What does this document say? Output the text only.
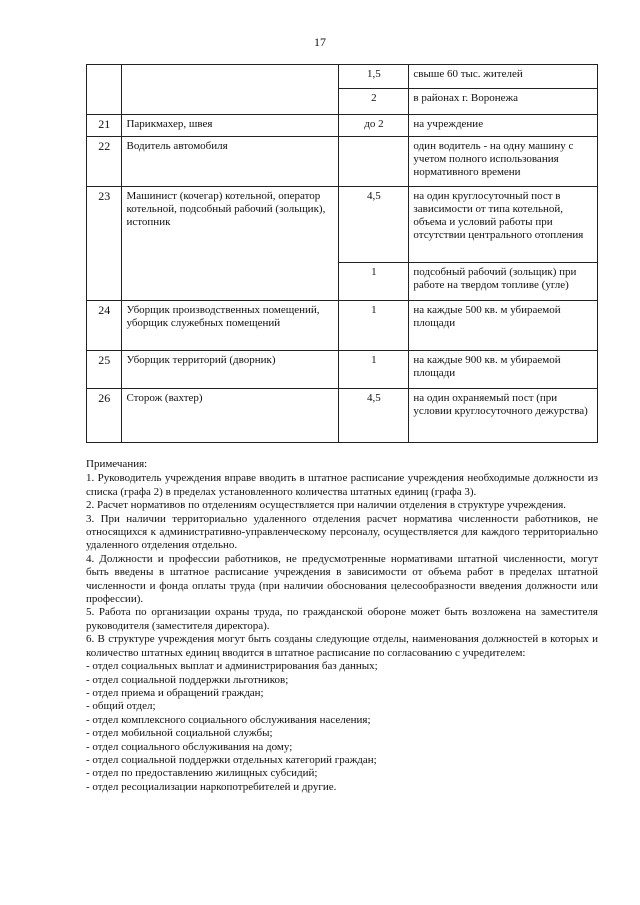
17
		1,5	свыше 60 тыс. жителей
		2	в районах г. Воронежа
21	Парикмахер, швея	до 2	на учреждение
22	Водитель автомобиля		один водитель - на одну машину с учетом полного использования нормативного времени
23	Машинист (кочегар) котельной, оператор котельной, подсобный рабочий (зольщик), истопник	4,5	на один круглосуточный пост в зависимости от типа котельной, объема и условий работы при отсутствии центрального отопления
		1	подсобный рабочий (зольщик) при работе на твердом топливе (угле)
24	Уборщик производственных помещений, уборщик служебных помещений	1	на каждые 500 кв. м убираемой площади
25	Уборщик территорий (дворник)	1	на каждые 900 кв. м убираемой площади
26	Сторож (вахтер)	4,5	на один охраняемый пост (при условии круглосуточного дежурства)

Примечания:

1. Руководитель учреждения вправе вводить в штатное расписание учреждения необходимые должности из списка (графа 2) в пределах установленного количества штатных единиц (графа 3).

2. Расчет нормативов по отделениям осуществляется при наличии отделения в структуре учреждения.

3. При наличии территориально удаленного отделения расчет норматива численности работников, не относящихся к административно-управленческому персоналу, осуществляется для каждого территориально удаленного отделения отдельно.

4. Должности и профессии работников, не предусмотренные нормативами штатной численности, могут быть введены в штатное расписание учреждения в зависимости от объема работ в пределах штатной численности и фонда оплаты труда (при наличии обоснования целесообразности введения должности или профессии).

5. Работа по организации охраны труда, по гражданской обороне может быть возложена на заместителя руководителя (заместителя директора).

6. В структуре учреждения могут быть созданы следующие отделы, наименования должностей в которых и количество штатных единиц вводится в штатное расписание по согласованию с учредителем:

- отдел социальных выплат и администрирования баз данных;
- отдел социальной поддержки льготников;
- отдел приема и обращений граждан;
- общий отдел;
- отдел комплексного социального обслуживания населения;
- отдел мобильной социальной службы;
- отдел социального обслуживания на дому;
- отдел социальной поддержки отдельных категорий граждан;
- отдел по предоставлению жилищных субсидий;
- отдел ресоциализации наркопотребителей и другие.
